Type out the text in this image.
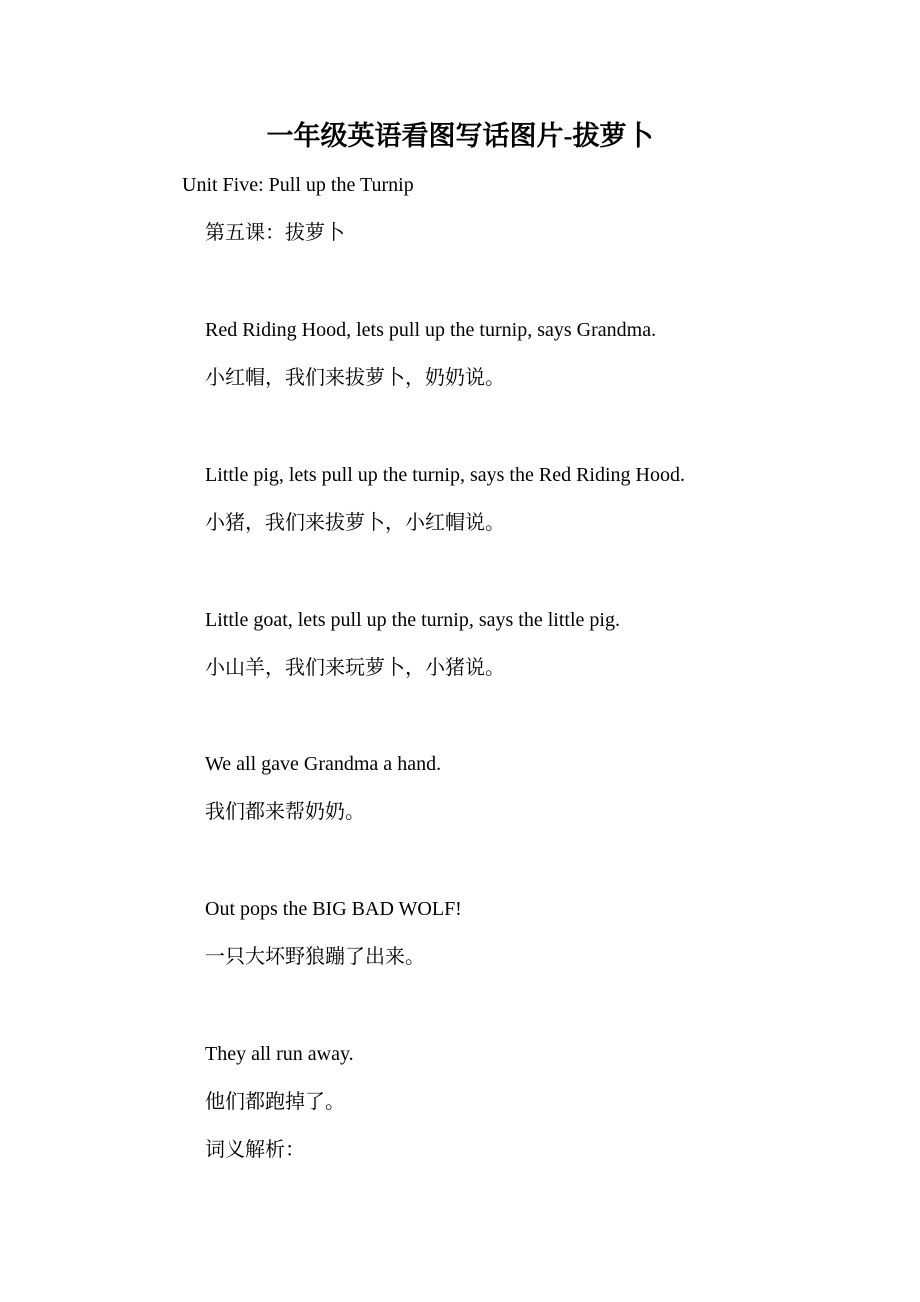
一年级英语看图写话图片-拔萝卜
Unit Five: Pull up the Turnip
第五课：拔萝卜
Red Riding Hood, lets pull up the turnip, says Grandma.
小红帽，我们来拔萝卜，奶奶说。
Little pig, lets pull up the turnip, says the Red Riding Hood.
小猪，我们来拔萝卜，小红帽说。
Little goat, lets pull up the turnip, says the little pig.
小山羊，我们来玩萝卜，小猪说。
We all gave Grandma a hand.
我们都来帮奶奶。
Out pops the BIG BAD WOLF!
一只大坏野狼蹦了出来。
They all run away.
他们都跑掉了。
词义解析：
